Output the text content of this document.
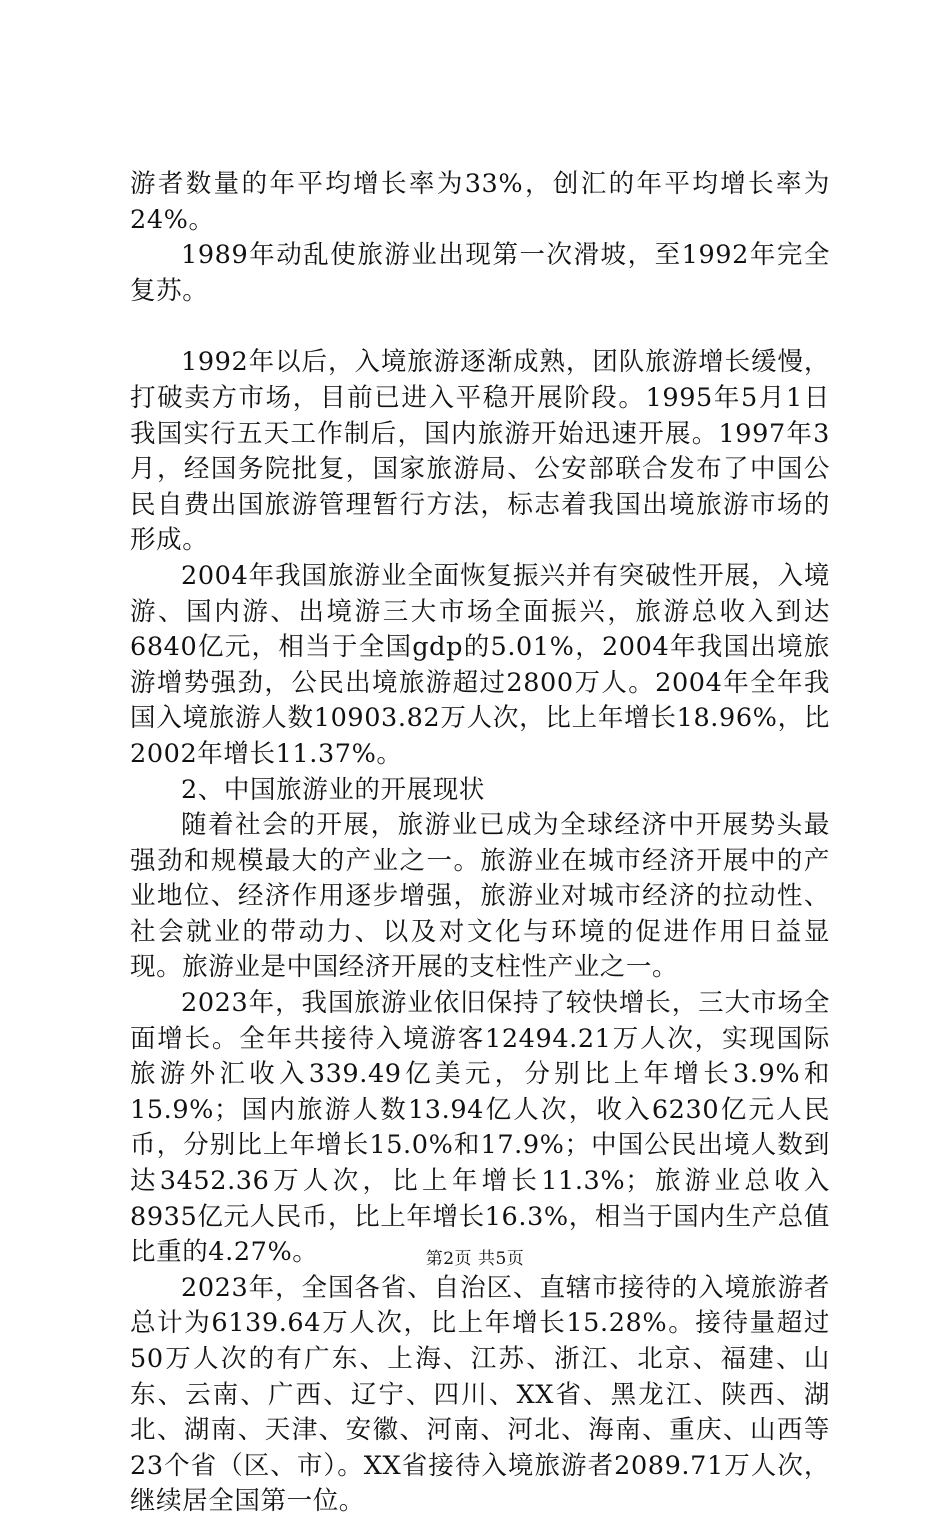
游者数量的年平均增长率为33%，创汇的年平均增长率为24%。

1989年动乱使旅游业出现第一次滑坡，至1992年完全复苏。

1992年以后，入境旅游逐渐成熟，团队旅游增长缓慢，打破卖方市场，目前已进入平稳开展阶段。1995年5月1日我国实行五天工作制后，国内旅游开始迅速开展。1997年3月，经国务院批复，国家旅游局、公安部联合发布了中国公民自费出国旅游管理暂行方法，标志着我国出境旅游市场的形成。

2004年我国旅游业全面恢复振兴并有突破性开展，入境游、国内游、出境游三大市场全面振兴，旅游总收入到达6840亿元，相当于全国gdp的5.01%，2004年我国出境旅游增势强劲，公民出境旅游超过2800万人。2004年全年我国入境旅游人数10903.82万人次，比上年增长18.96%，比2002年增长11.37%。

2、中国旅游业的开展现状

随着社会的开展，旅游业已成为全球经济中开展势头最强劲和规模最大的产业之一。旅游业在城市经济开展中的产业地位、经济作用逐步增强，旅游业对城市经济的拉动性、社会就业的带动力、以及对文化与环境的促进作用日益显现。旅游业是中国经济开展的支柱性产业之一。

2023年，我国旅游业依旧保持了较快增长，三大市场全面增长。全年共接待入境游客12494.21万人次，实现国际旅游外汇收入339.49亿美元，分别比上年增长3.9%和15.9%；国内旅游人数13.94亿人次，收入6230亿元人民币，分别比上年增长15.0%和17.9%；中国公民出境人数到达3452.36万人次，比上年增长11.3%；旅游业总收入8935亿元人民币，比上年增长16.3%，相当于国内生产总值比重的4.27%。

2023年，全国各省、自治区、直辖市接待的入境旅游者总计为6139.64万人次，比上年增长15.28%。接待量超过50万人次的有广东、上海、江苏、浙江、北京、福建、山东、云南、广西、辽宁、四川、XX省、黑龙江、陕西、湖北、湖南、天津、安徽、河南、河北、海南、重庆、山西等23个省（区、市）。XX省接待入境旅游者2089.71万人次，继续居全国第一位。

第2页 共5页
